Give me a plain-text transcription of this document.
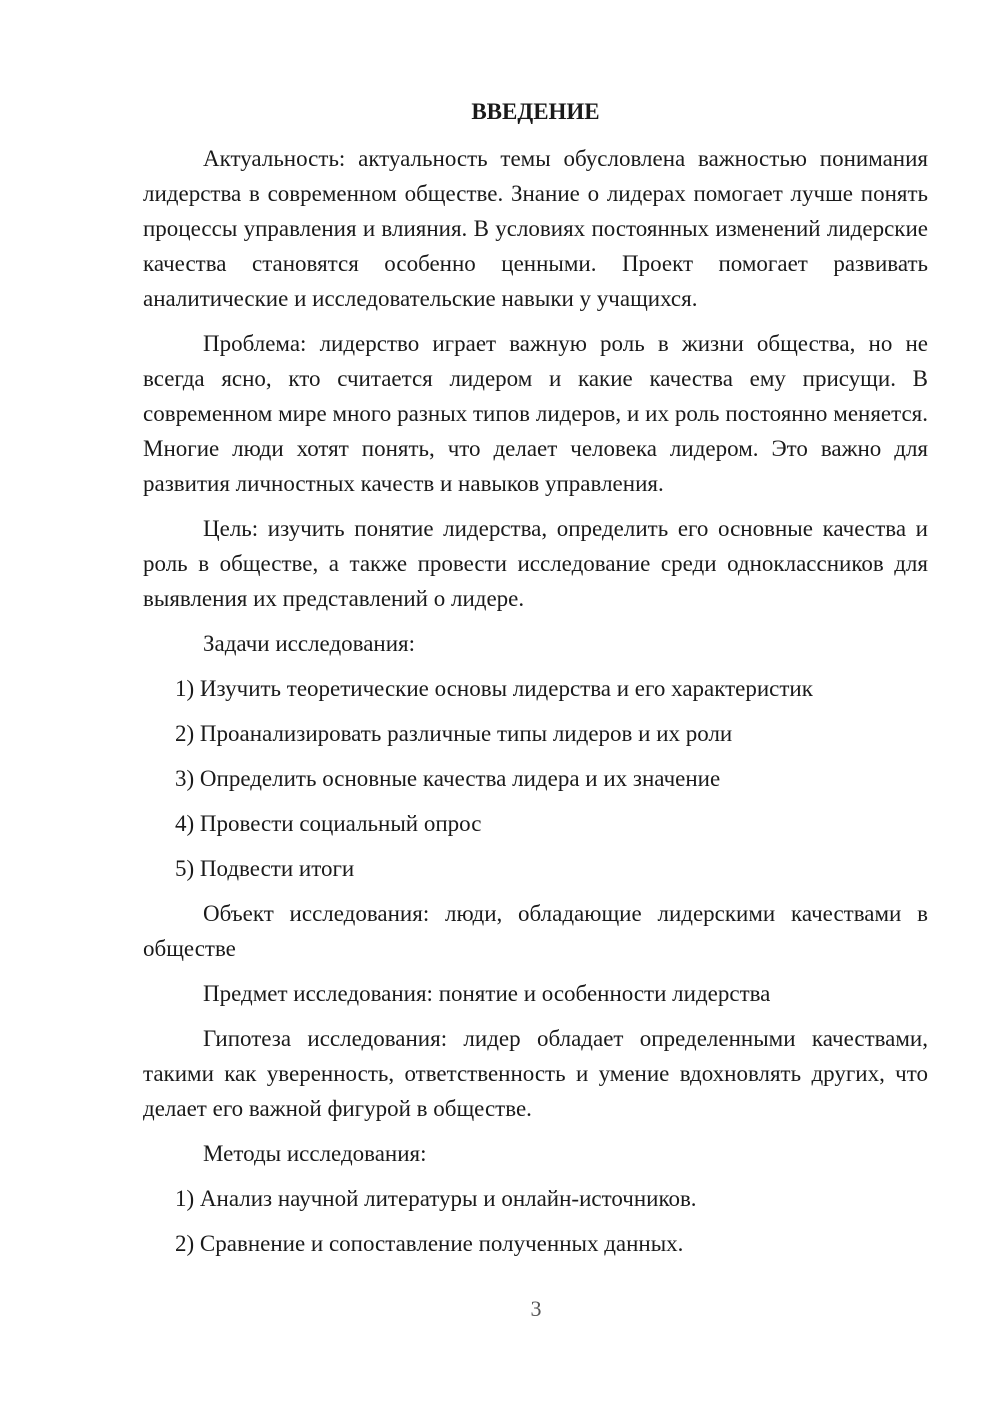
ВВЕДЕНИЕ
Актуальность: актуальность темы обусловлена важностью понимания лидерства в современном обществе. Знание о лидерах помогает лучше понять процессы управления и влияния. В условиях постоянных изменений лидерские качества становятся особенно ценными. Проект помогает развивать аналитические и исследовательские навыки у учащихся.
Проблема: лидерство играет важную роль в жизни общества, но не всегда ясно, кто считается лидером и какие качества ему присущи. В современном мире много разных типов лидеров, и их роль постоянно меняется. Многие люди хотят понять, что делает человека лидером. Это важно для развития личностных качеств и навыков управления.
Цель: изучить понятие лидерства, определить его основные качества и роль в обществе, а также провести исследование среди одноклассников для выявления их представлений о лидере.
Задачи исследования:
1) Изучить теоретические основы лидерства и его характеристик
2) Проанализировать различные типы лидеров и их роли
3) Определить основные качества лидера и их значение
4) Провести социальный опрос
5) Подвести итоги
Объект исследования: люди, обладающие лидерскими качествами в обществе
Предмет исследования: понятие и особенности лидерства
Гипотеза исследования: лидер обладает определенными качествами, такими как уверенность, ответственность и умение вдохновлять других, что делает его важной фигурой в обществе.
Методы исследования:
1) Анализ научной литературы и онлайн-источников.
2) Сравнение и сопоставление полученных данных.
3
